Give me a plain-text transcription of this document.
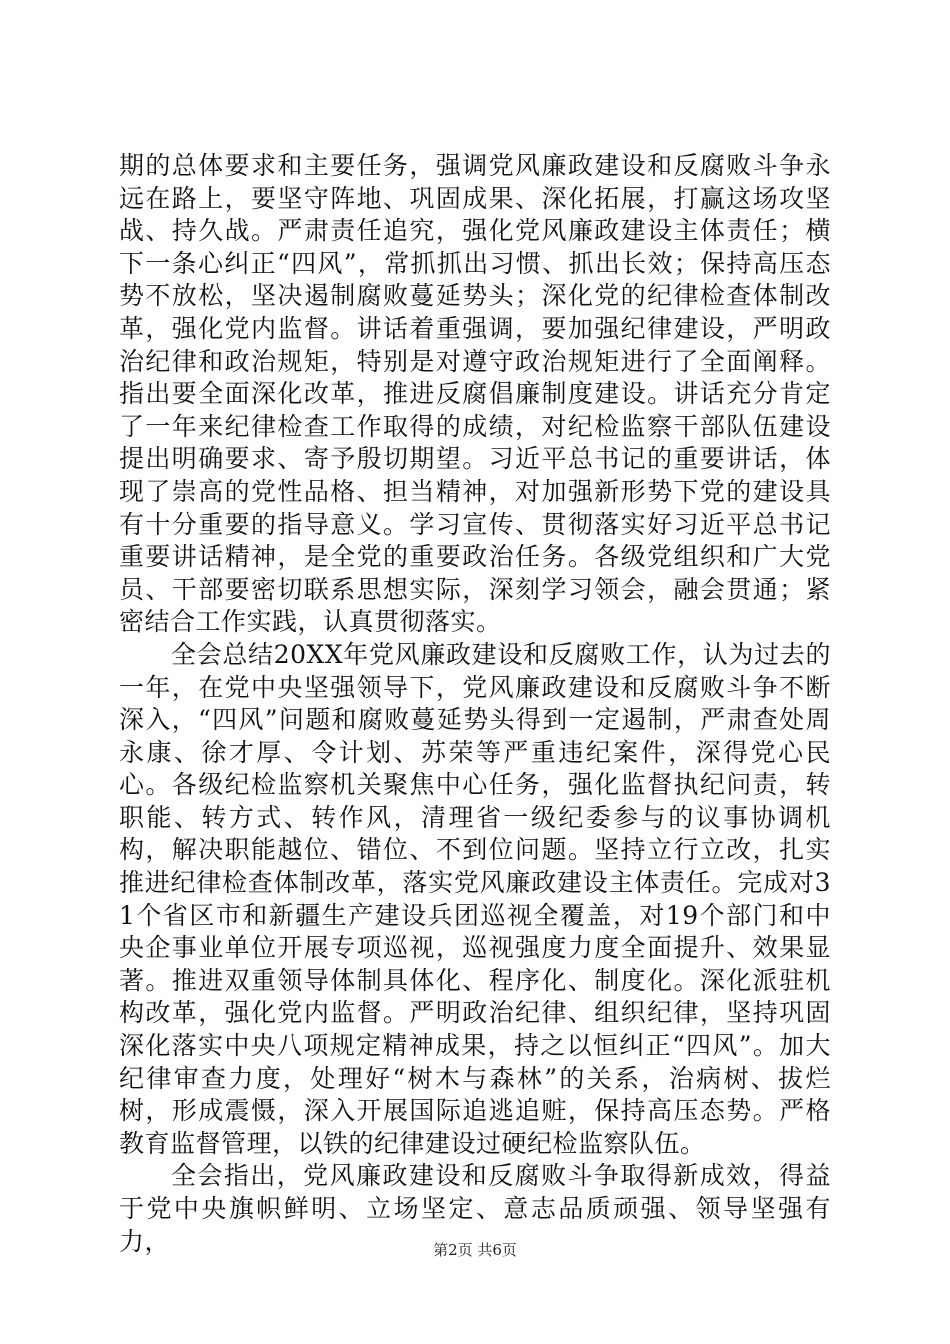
期的总体要求和主要任务，强调党风廉政建设和反腐败斗争永远在路上，要坚守阵地、巩固成果、深化拓展，打赢这场攻坚战、持久战。严肃责任追究，强化党风廉政建设主体责任；横下一条心纠正“四风”，常抓抓出习惯、抓出长效；保持高压态势不放松，坚决遏制腐败蔓延势头；深化党的纪律检查体制改革，强化党内监督。讲话着重强调，要加强纪律建设，严明政治纪律和政治规矩，特别是对遵守政治规矩进行了全面阐释。指出要全面深化改革，推进反腐倡廉制度建设。讲话充分肯定了一年来纪律检查工作取得的成绩，对纪检监察干部队伍建设提出明确要求、寄予殷切期望。习近平总书记的重要讲话，体现了崇高的党性品格、担当精神，对加强新形势下党的建设具有十分重要的指导意义。学习宣传、贯彻落实好习近平总书记重要讲话精神，是全党的重要政治任务。各级党组织和广大党员、干部要密切联系思想实际，深刻学习领会，融会贯通；紧密结合工作实践，认真贯彻落实。

全会总结20XX年党风廉政建设和反腐败工作，认为过去的一年，在党中央坚强领导下，党风廉政建设和反腐败斗争不断深入，“四风”问题和腐败蔓延势头得到一定遏制，严肃查处周永康、徐才厚、令计划、苏荣等严重违纪案件，深得党心民心。各级纪检监察机关聚焦中心任务，强化监督执纪问责，转职能、转方式、转作风，清理省一级纪委参与的议事协调机构，解决职能越位、错位、不到位问题。坚持立行立改，扎实推进纪律检查体制改革，落实党风廉政建设主体责任。完成对31个省区市和新疆生产建设兵团巡视全覆盖，对19个部门和中央企事业单位开展专项巡视，巡视强度力度全面提升、效果显著。推进双重领导体制具体化、程序化、制度化。深化派驻机构改革，强化党内监督。严明政治纪律、组织纪律，坚持巩固深化落实中央八项规定精神成果，持之以恒纠正“四风”。加大纪律审查力度，处理好“树木与森林”的关系，治病树、拔烂树，形成震慑，深入开展国际追逃追赃，保持高压态势。严格教育监督管理，以铁的纪律建设过硬纪检监察队伍。

全会指出，党风廉政建设和反腐败斗争取得新成效，得益于党中央旗帜鲜明、立场坚定、意志品质顽强、领导坚强有力，	第2页 共6页
